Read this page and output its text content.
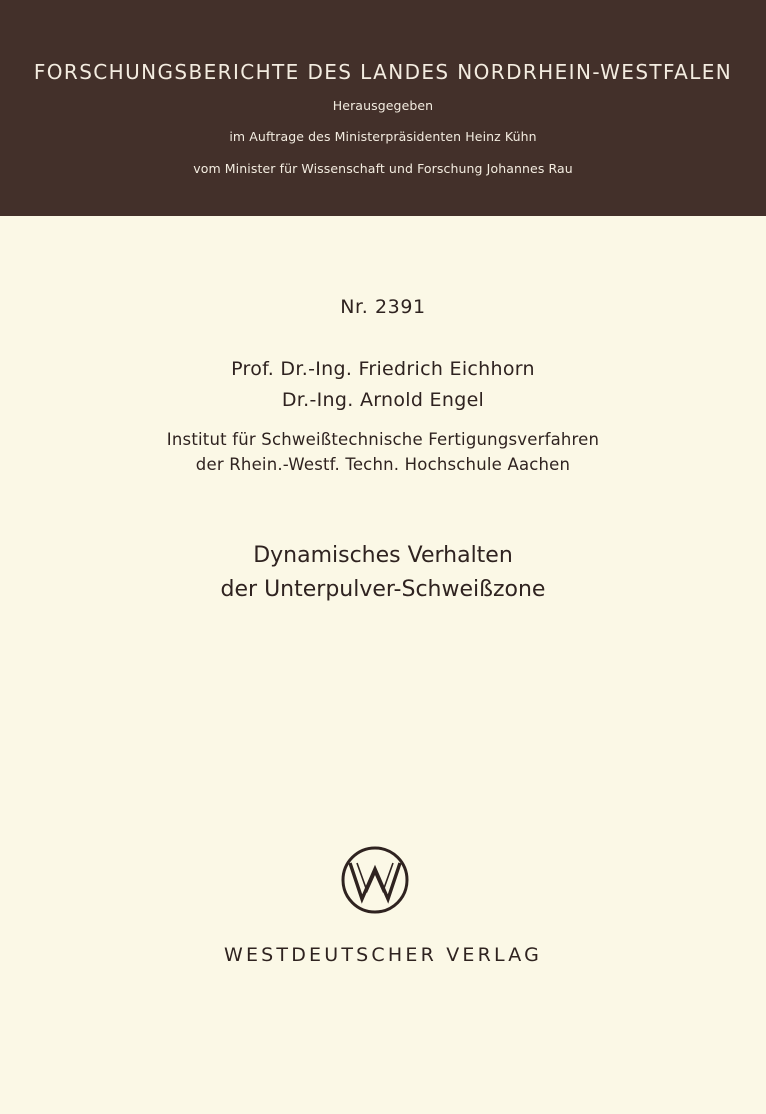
FORSCHUNGSBERICHTE DES LANDES NORDRHEIN-WESTFALEN
Herausgegeben
im Auftrage des Ministerpräsidenten Heinz Kühn
vom Minister für Wissenschaft und Forschung Johannes Rau
Nr. 2391
Prof. Dr.-Ing. Friedrich Eichhorn
Dr.-Ing. Arnold Engel
Institut für Schweißtechnische Fertigungsverfahren
der Rhein.-Westf. Techn. Hochschule Aachen
Dynamisches Verhalten
der Unterpulver-Schweißzone
WESTDEUTSCHER VERLAG
